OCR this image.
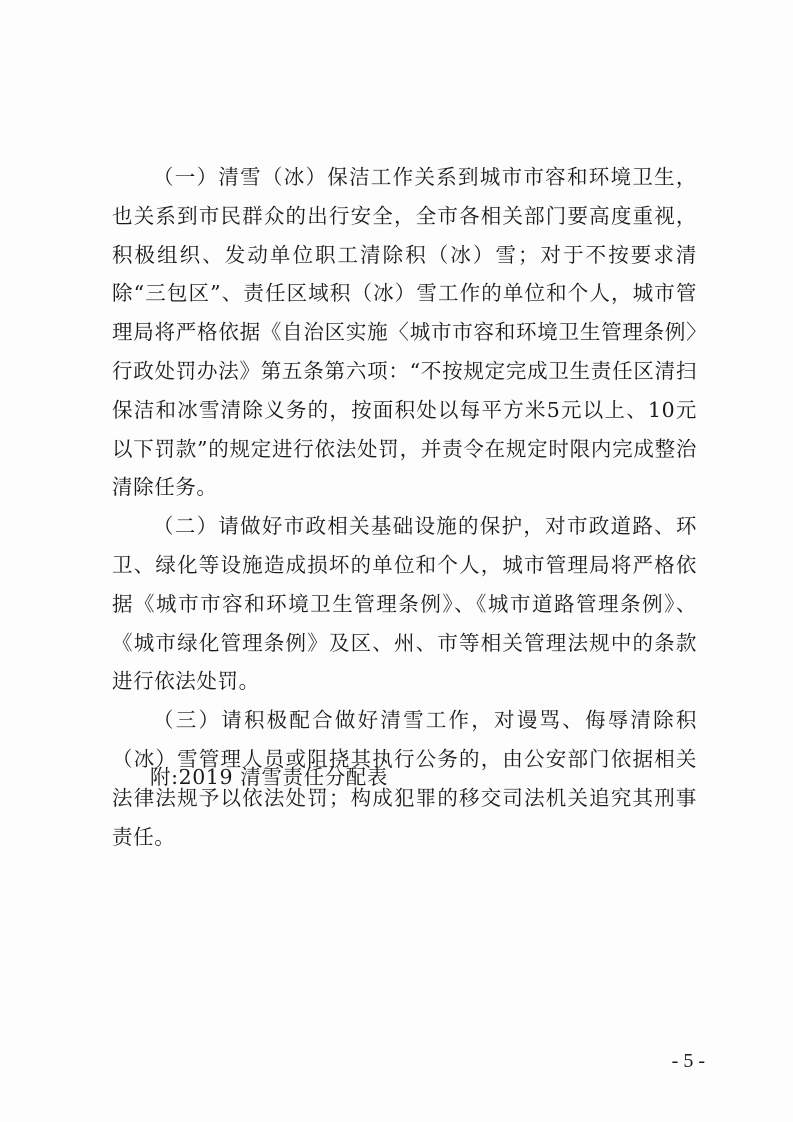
（一）清雪（冰）保洁工作关系到城市市容和环境卫生，也关系到市民群众的出行安全，全市各相关部门要高度重视，积极组织、发动单位职工清除积（冰）雪；对于不按要求清除“三包区”、责任区域积（冰）雪工作的单位和个人，城市管理局将严格依据《自治区实施〈城市市容和环境卫生管理条例〉行政处罚办法》第五条第六项：“不按规定完成卫生责任区清扫保洁和冰雪清除义务的，按面积处以每平方米5元以上、10元以下罚款”的规定进行依法处罚，并责令在规定时限内完成整治清除任务。

（二）请做好市政相关基础设施的保护，对市政道路、环卫、绿化等设施造成损坏的单位和个人，城市管理局将严格依据《城市市容和环境卫生管理条例》、《城市道路管理条例》、《城市绿化管理条例》及区、州、市等相关管理法规中的条款进行依法处罚。

（三）请积极配合做好清雪工作，对谩骂、侮辱清除积（冰）雪管理人员或阻挠其执行公务的，由公安部门依据相关法律法规予以依法处罚；构成犯罪的移交司法机关追究其刑事责任。

附:2019 清雪责任分配表
- 5 -
